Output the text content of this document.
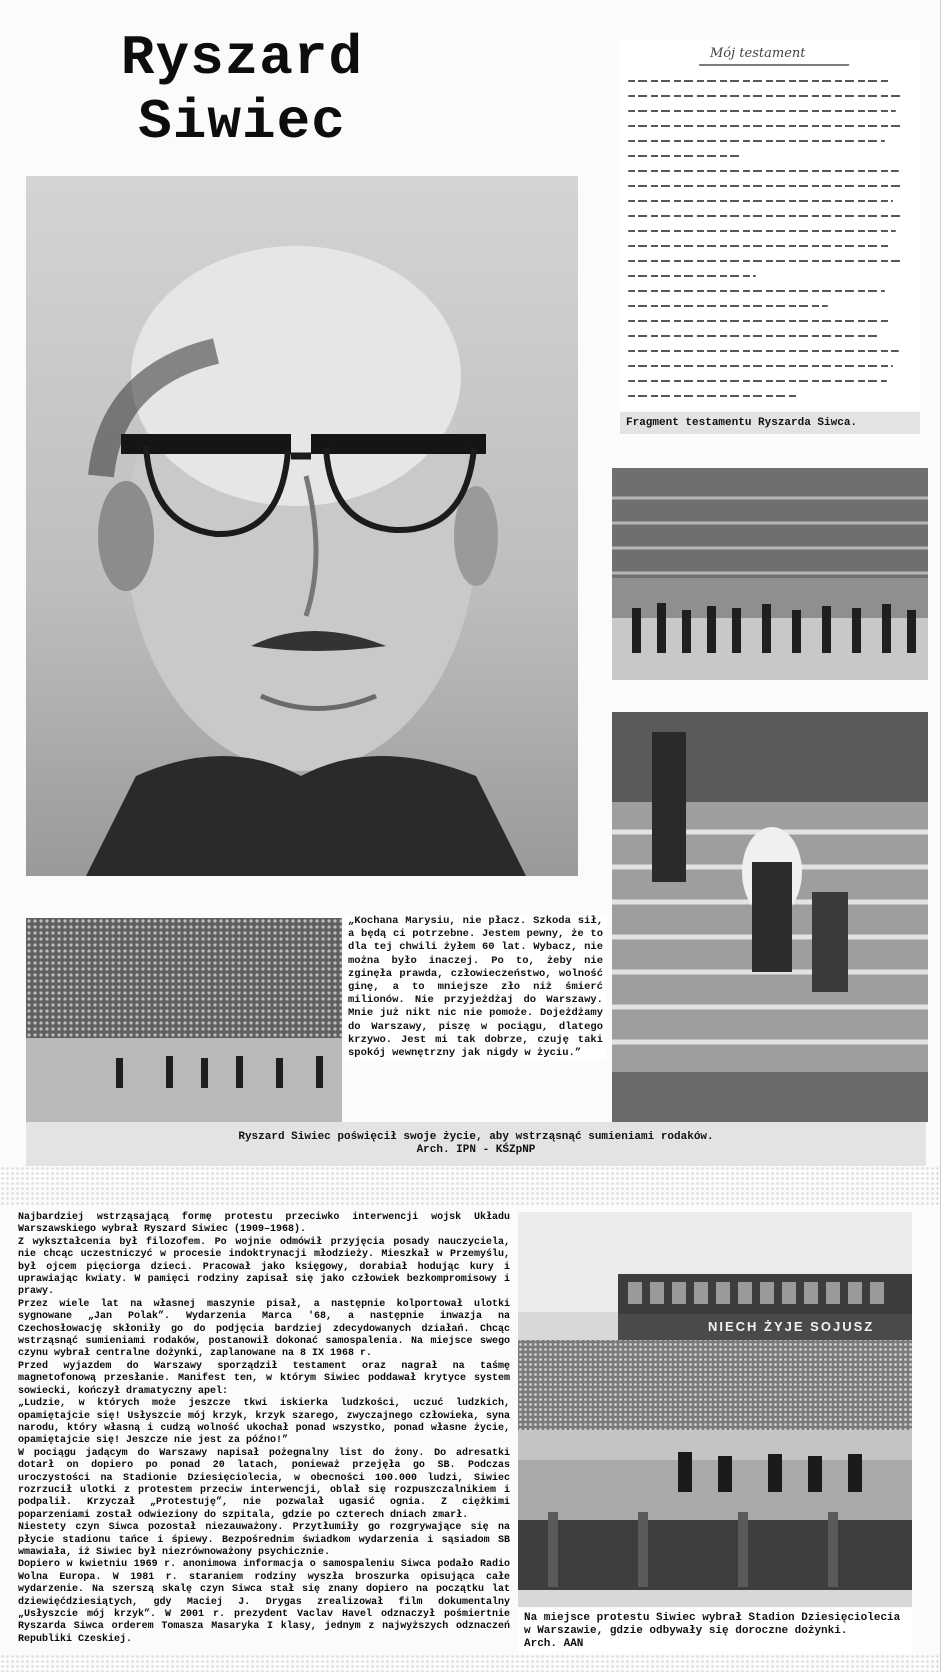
Ryszard
Siwiec
Mój testament
Fragment testamentu Ryszarda Siwca.

„Kochana Marysiu, nie płacz. Szkoda sił, a będą ci potrzebne. Jestem pewny, że to dla tej chwili żyłem 60 lat. Wybacz, nie można było inaczej. Po to, żeby nie zginęła prawda, człowieczeństwo, wolność ginę, a to mniejsze zło niż śmierć milionów. Nie przyjeżdżaj do Warszawy. Mnie już nikt nic nie pomoże. Dojeżdżamy do Warszawy, piszę w pociągu, dlatego krzywo. Jest mi tak dobrze, czuję taki spokój wewnętrzny jak nigdy w życiu.”

Ryszard Siwiec poświęcił swoje życie, aby wstrząsnąć sumieniami rodaków.
Arch. IPN - KŚZpNP

Najbardziej wstrząsającą formę protestu przeciwko interwencji wojsk Układu Warszawskiego wybrał Ryszard Siwiec (1909–1968).

Z wykształcenia był filozofem. Po wojnie odmówił przyjęcia posady nauczyciela, nie chcąc uczestniczyć w procesie indoktrynacji młodzieży. Mieszkał w Przemyślu, był ojcem pięciorga dzieci. Pracował jako księgowy, dorabiał hodując kury i uprawiając kwiaty. W pamięci rodziny zapisał się jako człowiek bezkompromisowy i prawy.

Przez wiele lat na własnej maszynie pisał, a następnie kolportował ulotki sygnowane „Jan Polak”. Wydarzenia Marca '68, a następnie inwazja na Czechosłowację skłoniły go do podjęcia bardziej zdecydowanych działań. Chcąc wstrząsnąć sumieniami rodaków, postanowił dokonać samospalenia. Na miejsce swego czynu wybrał centralne dożynki, zaplanowane na 8 IX 1968 r.

Przed wyjazdem do Warszawy sporządził testament oraz nagrał na taśmę magnetofonową przesłanie. Manifest ten, w którym Siwiec poddawał krytyce system sowiecki, kończył dramatyczny apel:

„Ludzie, w których może jeszcze tkwi iskierka ludzkości, uczuć ludzkich, opamiętajcie się! Usłyszcie mój krzyk, krzyk szarego, zwyczajnego człowieka, syna narodu, który własną i cudzą wolność ukochał ponad wszystko, ponad własne życie, opamiętajcie się! Jeszcze nie jest za późno!”

W pociągu jadącym do Warszawy napisał pożegnalny list do żony. Do adresatki dotarł on dopiero po ponad 20 latach, ponieważ przejęła go SB. Podczas uroczystości na Stadionie Dziesięciolecia, w obecności 100.000 ludzi, Siwiec rozrzucił ulotki z protestem przeciw interwencji, oblał się rozpuszczalnikiem i podpalił. Krzyczał „Protestuję”, nie pozwalał ugasić ognia. Z ciężkimi poparzeniami został odwieziony do szpitala, gdzie po czterech dniach zmarł.

Niestety czyn Siwca pozostał niezauważony. Przytłumiły go rozgrywające się na płycie stadionu tańce i śpiewy. Bezpośrednim świadkom wydarzenia i sąsiadom SB wmawiała, iż Siwiec był niezrównoważony psychicznie.

Dopiero w kwietniu 1969 r. anonimowa informacja o samospaleniu Siwca podało Radio Wolna Europa. W 1981 r. staraniem rodziny wyszła broszurka opisująca całe wydarzenie. Na szerszą skalę czyn Siwca stał się znany dopiero na początku lat dziewięćdziesiątych, gdy Maciej J. Drygas zrealizował film dokumentalny „Usłyszcie mój krzyk”. W 2001 r. prezydent Vaclav Havel odznaczył pośmiertnie Ryszarda Siwca orderem Tomasza Masaryka I klasy, jednym z najwyższych odznaczeń Republiki Czeskiej.

NIECH ŻYJE SOJUSZ
Na miejsce protestu Siwiec wybrał Stadion Dziesięciolecia
w Warszawie, gdzie odbywały się doroczne dożynki.
Arch. AAN
